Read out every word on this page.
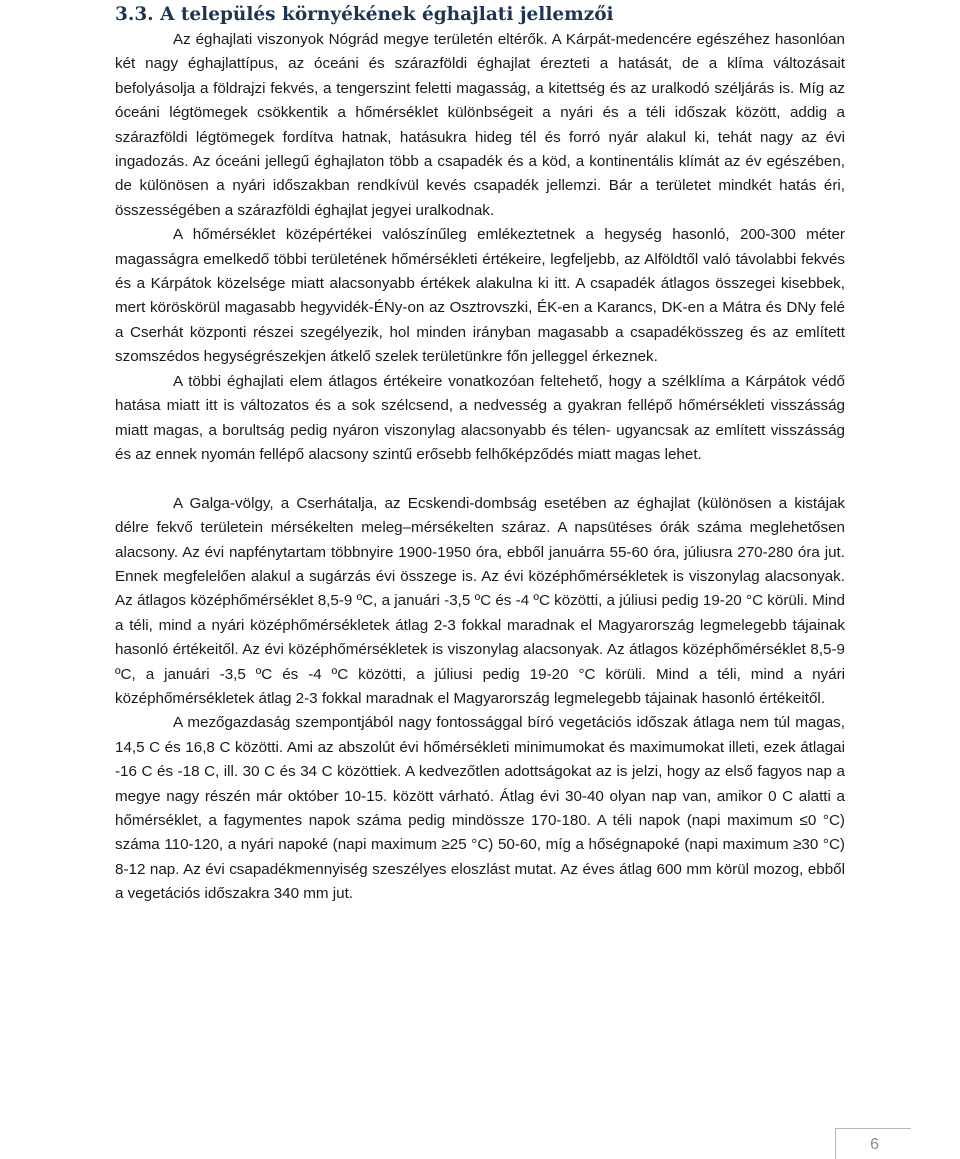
3.3. A település környékének éghajlati jellemzői

Az éghajlati viszonyok Nógrád megye területén eltérők. A Kárpát-medencére egészéhez hasonlóan két nagy éghajlattípus, az óceáni és szárazföldi éghajlat érezteti a hatását, de a klíma változásait befolyásolja a földrajzi fekvés, a tengerszint feletti magasság, a kitettség és az uralkodó széljárás is. Míg az óceáni légtömegek csökkentik a hőmérséklet különbségeit a nyári és a téli időszak között, addig a szárazföldi légtömegek fordítva hatnak, hatásukra hideg tél és forró nyár alakul ki, tehát nagy az évi ingadozás. Az óceáni jellegű éghajlaton több a csapadék és a köd, a kontinentális klímát az év egészében, de különösen a nyári időszakban rendkívül kevés csapadék jellemzi. Bár a területet mindkét hatás éri, összességében a szárazföldi éghajlat jegyei uralkodnak.

A hőmérséklet középértékei valószínűleg emlékeztetnek a hegység hasonló, 200-300 méter magasságra emelkedő többi területének hőmérsékleti értékeire, legfeljebb, az Alföldtől való távolabbi fekvés és a Kárpátok közelsége miatt alacsonyabb értékek alakulna ki itt. A csapadék átlagos összegei kisebbek, mert köröskörül magasabb hegyvidék-ÉNy-on az Osztrovszki, ÉK-en a Karancs, DK-en a Mátra és DNy felé a Cserhát központi részei szegélyezik, hol minden irányban magasabb a csapadékösszeg és az említett szomszédos hegységrészekjen átkelő szelek területünkre főn jelleggel érkeznek.

A többi éghajlati elem átlagos értékeire vonatkozóan feltehető, hogy a szélklíma a Kárpátok védő hatása miatt itt is változatos és a sok szélcsend, a nedvesség a gyakran fellépő hőmérsékleti visszásság miatt magas, a borultság pedig nyáron viszonylag alacsonyabb és télen- ugyancsak az említett visszásság és az ennek nyomán fellépő alacsony szintű erősebb felhőképződés miatt magas lehet.

A Galga-völgy, a Cserhátalja, az Ecskendi-dombság esetében az éghajlat (különösen a kistájak délre fekvő területein mérsékelten meleg–mérsékelten száraz. A napsütéses órák száma meglehetősen alacsony. Az évi napfénytartam többnyire 1900-1950 óra, ebből januárra 55-60 óra, júliusra 270-280 óra jut. Ennek megfelelően alakul a sugárzás évi összege is. Az évi középhőmérsékletek is viszonylag alacsonyak. Az átlagos középhőmérséklet 8,5-9 ºC, a januári -3,5 ºC és -4 ºC közötti, a júliusi pedig 19-20 °C körüli. Mind a téli, mind a nyári középhőmérsékletek átlag 2-3 fokkal maradnak el Magyarország legmelegebb tájainak hasonló értékeitől. Az évi középhőmérsékletek is viszonylag alacsonyak. Az átlagos középhőmérséklet 8,5-9 ºC, a januári -3,5 ºC és -4 ºC közötti, a júliusi pedig 19-20 °C körüli. Mind a téli, mind a nyári középhőmérsékletek átlag 2-3 fokkal maradnak el Magyarország legmelegebb tájainak hasonló értékeitől.

A mezőgazdaság szempontjából nagy fontossággal bíró vegetációs időszak átlaga nem túl magas, 14,5 C és 16,8 C közötti. Ami az abszolút évi hőmérsékleti minimumokat és maximumokat illeti, ezek átlagai -16 C és -18 C, ill. 30 C és 34 C közöttiek. A kedvezőtlen adottságokat az is jelzi, hogy az első fagyos nap a megye nagy részén már október 10-15. között várható. Átlag évi 30-40 olyan nap van, amikor 0 C alatti a hőmérséklet, a fagymentes napok száma pedig mindössze 170-180. A téli napok (napi maximum ≤0 °C) száma 110-120, a nyári napoké (napi maximum ≥25 °C) 50-60, míg a hőségnapoké (napi maximum ≥30 °C) 8-12 nap. Az évi csapadékmennyiség szeszélyes eloszlást mutat. Az éves átlag 600 mm körül mozog, ebből a vegetációs időszakra 340 mm jut.

6
